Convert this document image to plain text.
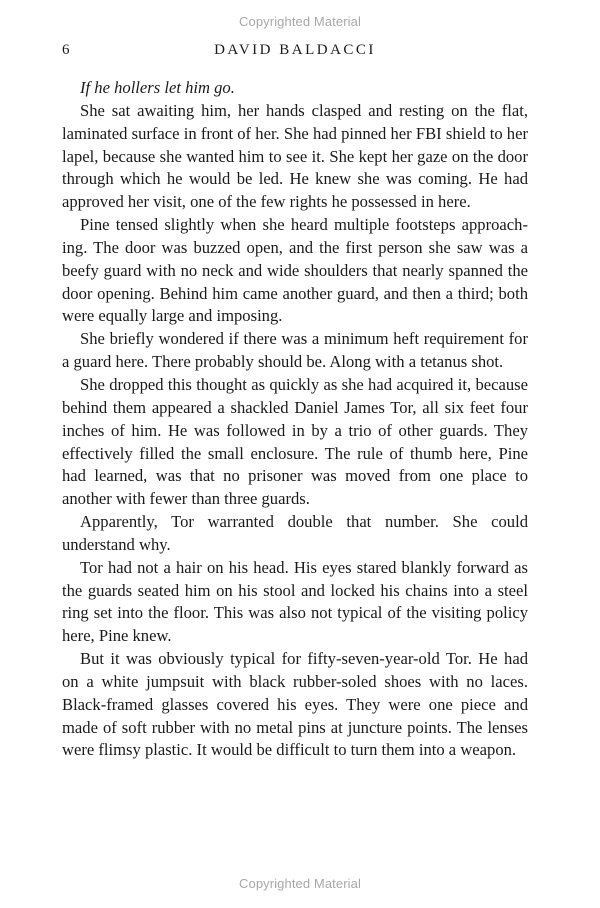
Copyrighted Material
6	DAVID BALDACCI

If he hollers let him go.

She sat awaiting him, her hands clasped and resting on the flat, laminated surface in front of her. She had pinned her FBI shield to her lapel, because she wanted him to see it. She kept her gaze on the door through which he would be led. He knew she was coming. He had approved her visit, one of the few rights he possessed in here.

Pine tensed slightly when she heard multiple footsteps approaching. The door was buzzed open, and the first person she saw was a beefy guard with no neck and wide shoulders that nearly spanned the door opening. Behind him came another guard, and then a third; both were equally large and imposing.

She briefly wondered if there was a minimum heft requirement for a guard here. There probably should be. Along with a tetanus shot.

She dropped this thought as quickly as she had acquired it, because behind them appeared a shackled Daniel James Tor, all six feet four inches of him. He was followed in by a trio of other guards. They effectively filled the small enclosure. The rule of thumb here, Pine had learned, was that no prisoner was moved from one place to another with fewer than three guards.

Apparently, Tor warranted double that number. She could understand why.

Tor had not a hair on his head. His eyes stared blankly forward as the guards seated him on his stool and locked his chains into a steel ring set into the floor. This was also not typical of the visiting policy here, Pine knew.

But it was obviously typical for fifty-seven-year-old Tor. He had on a white jumpsuit with black rubber-soled shoes with no laces. Black-framed glasses covered his eyes. They were one piece and made of soft rubber with no metal pins at juncture points. The lenses were flimsy plastic. It would be difficult to turn them into a weapon.

Copyrighted Material
